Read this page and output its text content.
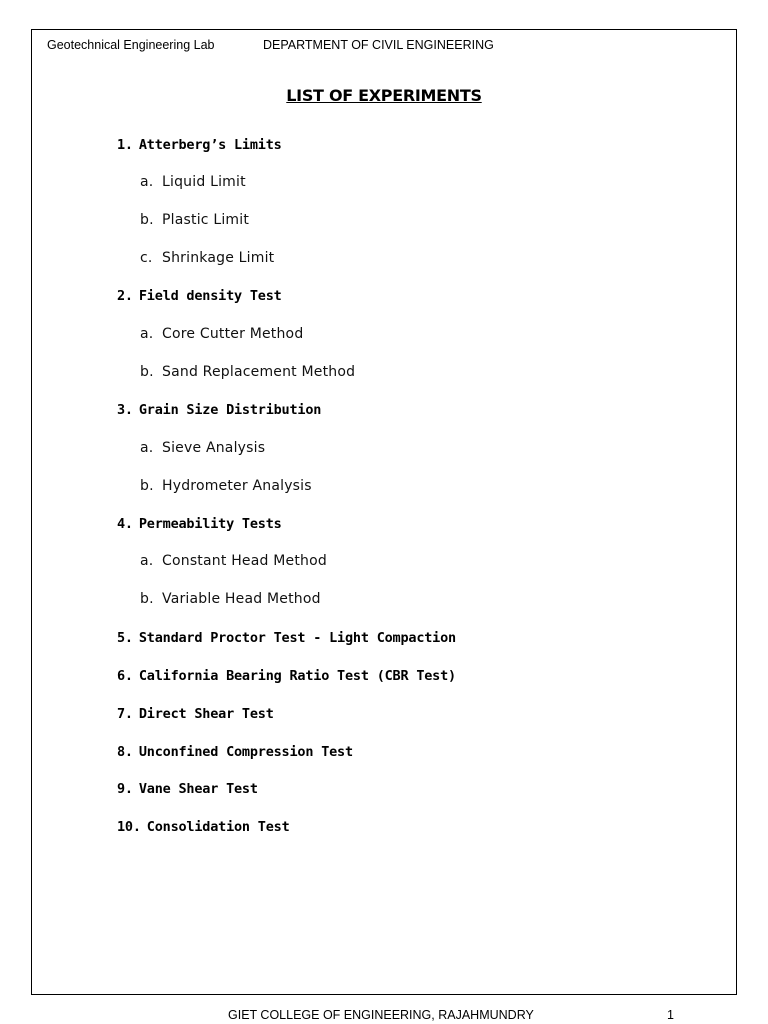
Geotechnical Engineering Lab	DEPARTMENT OF CIVIL ENGINEERING
LIST OF EXPERIMENTS
1. Atterberg’s Limits
a. Liquid Limit
b. Plastic Limit
c. Shrinkage Limit
2. Field density Test
a. Core Cutter Method
b. Sand Replacement Method
3. Grain Size Distribution
a. Sieve Analysis
b. Hydrometer Analysis
4. Permeability Tests
a. Constant Head Method
b. Variable Head Method
5. Standard Proctor Test - Light Compaction
6. California Bearing Ratio Test (CBR Test)
7. Direct Shear Test
8. Unconfined Compression Test
9. Vane Shear Test
10. Consolidation Test
GIET COLLEGE OF ENGINEERING, RAJAHMUNDRY	1
